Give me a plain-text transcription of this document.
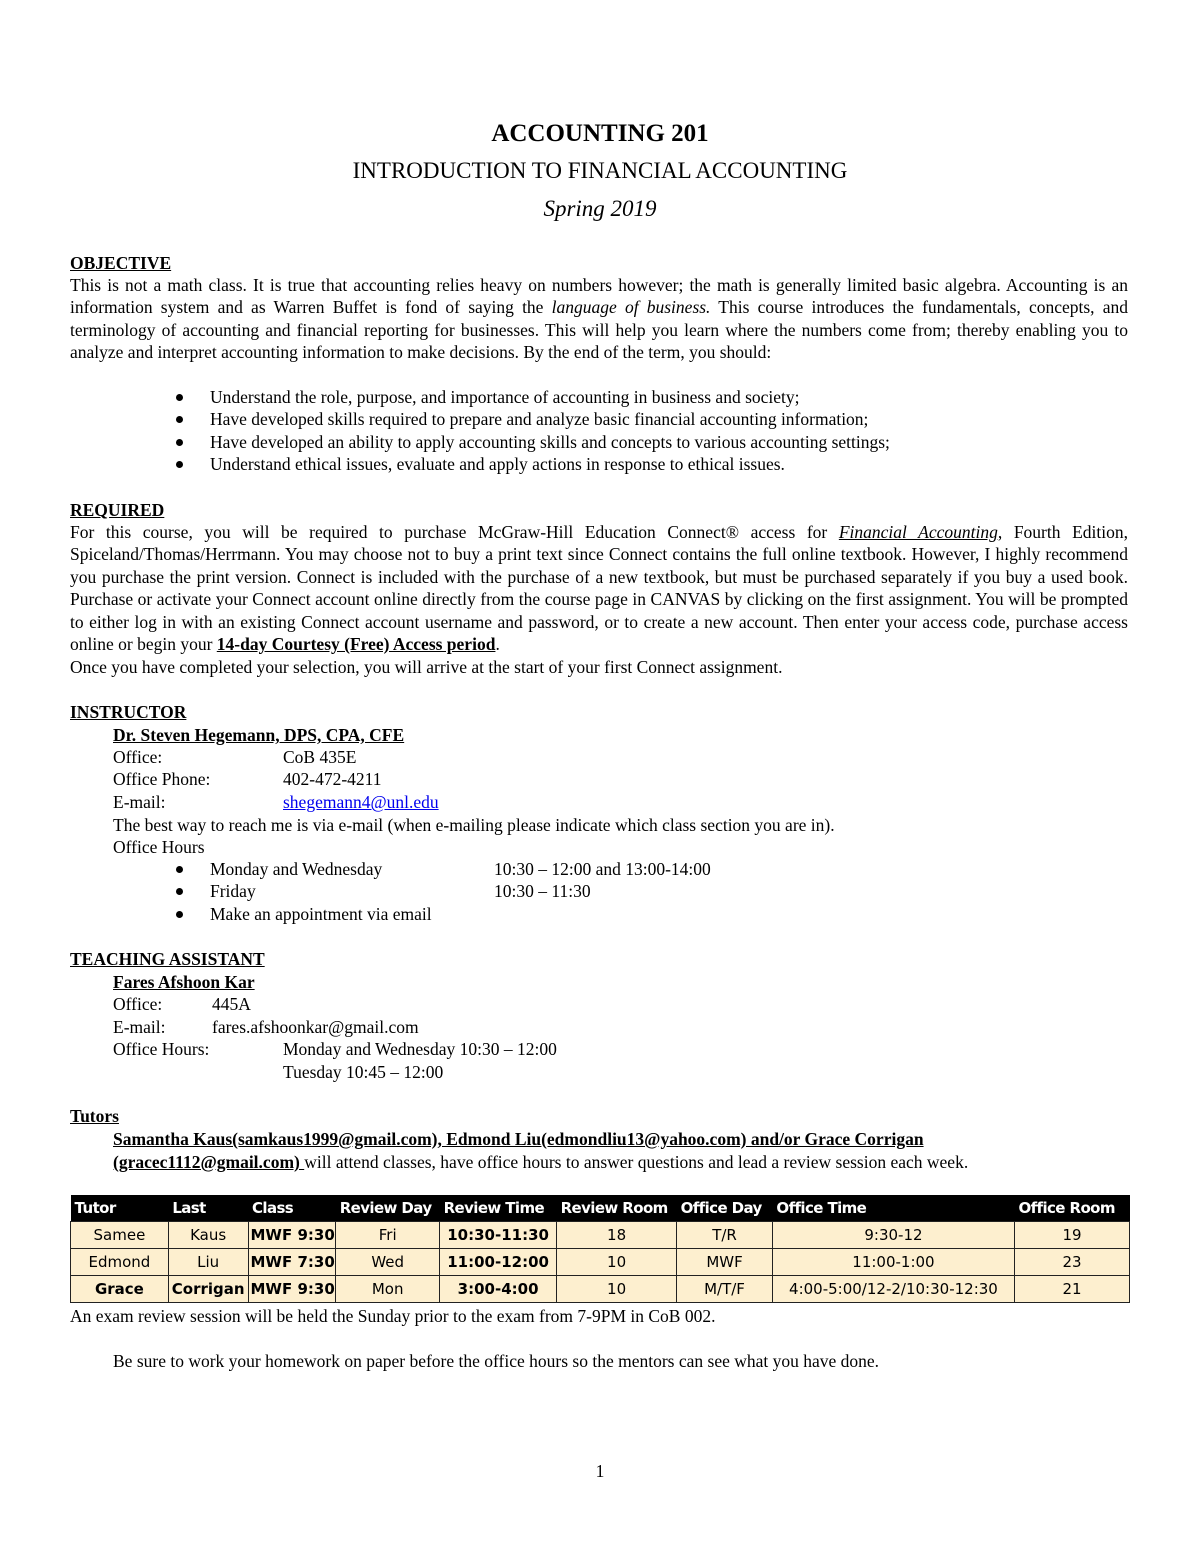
ACCOUNTING 201
INTRODUCTION TO FINANCIAL ACCOUNTING
Spring 2019
OBJECTIVE
This is not a math class. It is true that accounting relies heavy on numbers however; the math is generally limited basic algebra. Accounting is an information system and as Warren Buffet is fond of saying the language of business. This course introduces the fundamentals, concepts, and terminology of accounting and financial reporting for businesses. This will help you learn where the numbers come from; thereby enabling you to analyze and interpret accounting information to make decisions. By the end of the term, you should:
Understand the role, purpose, and importance of accounting in business and society;
Have developed skills required to prepare and analyze basic financial accounting information;
Have developed an ability to apply accounting skills and concepts to various accounting settings;
Understand ethical issues, evaluate and apply actions in response to ethical issues.
REQUIRED
For this course, you will be required to purchase McGraw-Hill Education Connect® access for Financial Accounting, Fourth Edition, Spiceland/Thomas/Herrmann. You may choose not to buy a print text since Connect contains the full online textbook. However, I highly recommend you purchase the print version. Connect is included with the purchase of a new textbook, but must be purchased separately if you buy a used book. Purchase or activate your Connect account online directly from the course page in CANVAS by clicking on the first assignment. You will be prompted to either log in with an existing Connect account username and password, or to create a new account. Then enter your access code, purchase access online or begin your 14-day Courtesy (Free) Access period.
Once you have completed your selection, you will arrive at the start of your first Connect assignment.
INSTRUCTOR
Dr. Steven Hegemann, DPS, CPA, CFE
Office:	CoB 435E
Office Phone:	402-472-4211
E-mail:	shegemann4@unl.edu
The best way to reach me is via e-mail (when e-mailing please indicate which class section you are in).
Office Hours
Monday and Wednesday	10:30 – 12:00 and 13:00-14:00
Friday	10:30 – 11:30
Make an appointment via email
TEACHING ASSISTANT
Fares Afshoon Kar
Office:	445A
E-mail:	fares.afshoonkar@gmail.com
Office Hours:	Monday and Wednesday 10:30 – 12:00
Tuesday 10:45 – 12:00
Tutors
Samantha Kaus(samkaus1999@gmail.com), Edmond Liu(edmondliu13@yahoo.com) and/or Grace Corrigan
(gracec1112@gmail.com) will attend classes, have office hours to answer questions and lead a review session each week.
Tutor	Last	Class	Review Day	Review Time	Review Room	Office Day	Office Time	Office Room
Samee	Kaus	MWF 9:30	Fri	10:30-11:30	18	T/R	9:30-12	19
Edmond	Liu	MWF 7:30	Wed	11:00-12:00	10	MWF	11:00-1:00	23
Grace	Corrigan	MWF 9:30	Mon	3:00-4:00	10	M/T/F	4:00-5:00/12-2/10:30-12:30	21
An exam review session will be held the Sunday prior to the exam from 7-9PM in CoB 002.
Be sure to work your homework on paper before the office hours so the mentors can see what you have done.
1
